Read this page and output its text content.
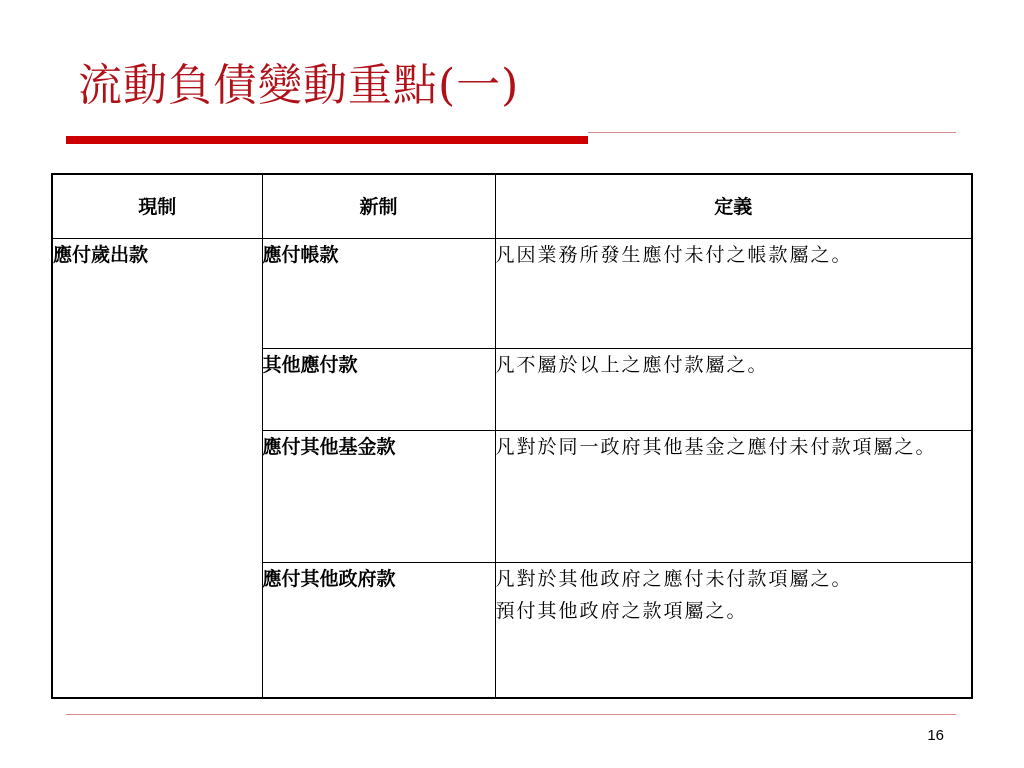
流動負債變動重點(一)
現制	新制	定義
應付歲出款	應付帳款	凡因業務所發生應付未付之帳款屬之。

	其他應付款	凡不屬於以上之應付款屬之。

	應付其他基金款	凡對於同一政府其他基金之應付未付款項屬之。

	應付其他政府款	凡對於其他政府之應付未付款項屬之。
預付其他政府之款項屬之。
16
